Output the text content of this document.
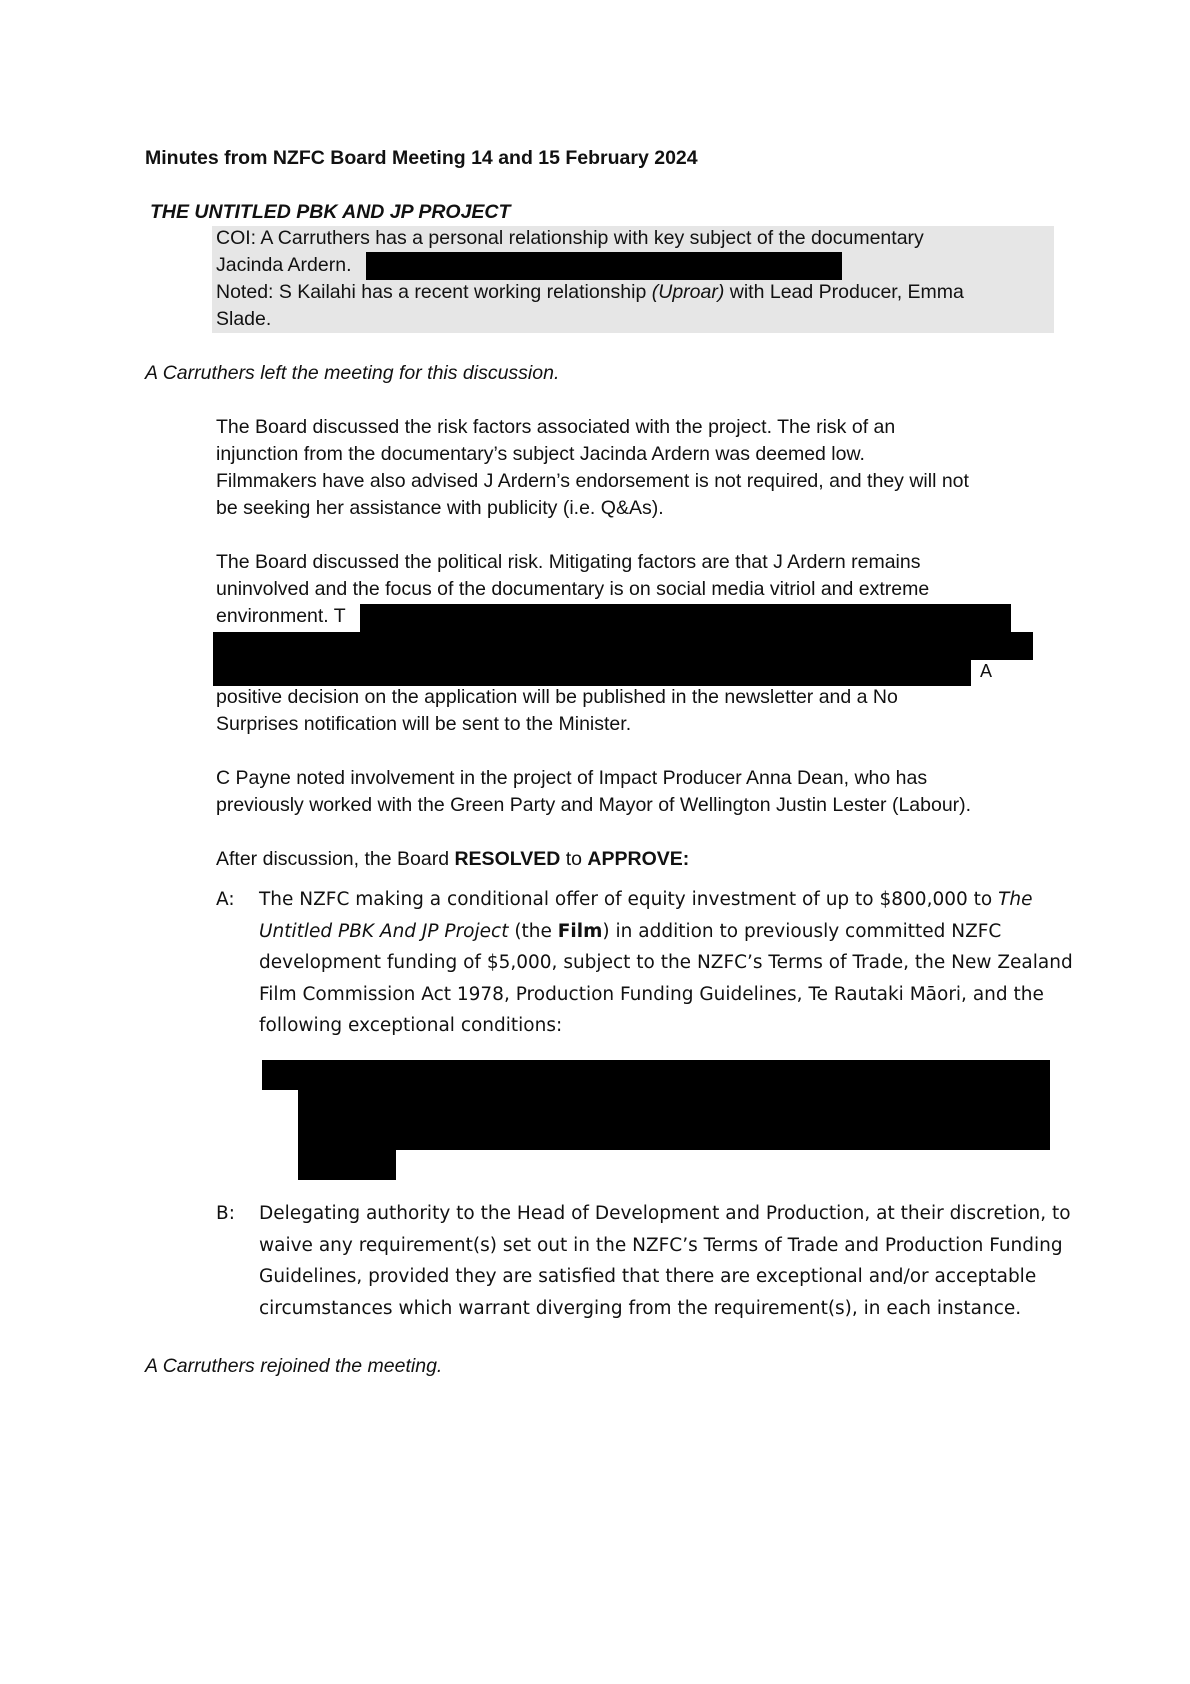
Minutes from NZFC Board Meeting 14 and 15 February 2024
THE UNTITLED PBK AND JP PROJECT
COI: A Carruthers has a personal relationship with key subject of the documentary
Jacinda Ardern.
Noted: S Kailahi has a recent working relationship (Uproar) with Lead Producer, Emma
Slade.
A Carruthers left the meeting for this discussion.
The Board discussed the risk factors associated with the project. The risk of an
injunction from the documentary’s subject Jacinda Ardern was deemed low.
Filmmakers have also advised J Ardern’s endorsement is not required, and they will not
be seeking her assistance with publicity (i.e. Q&As).
The Board discussed the political risk. Mitigating factors are that J Ardern remains
uninvolved and the focus of the documentary is on social media vitriol and extreme
environment. T
A
positive decision on the application will be published in the newsletter and a No
Surprises notification will be sent to the Minister.
C Payne noted involvement in the project of Impact Producer Anna Dean, who has
previously worked with the Green Party and Mayor of Wellington Justin Lester (Labour).
After discussion, the Board RESOLVED to APPROVE:
A: The NZFC making a conditional offer of equity investment of up to $800,000 to The
Untitled PBK And JP Project (the Film) in addition to previously committed NZFC
development funding of $5,000, subject to the NZFC’s Terms of Trade, the New Zealand
Film Commission Act 1978, Production Funding Guidelines, Te Rautaki Māori, and the
following exceptional conditions:
B: Delegating authority to the Head of Development and Production, at their discretion, to
waive any requirement(s) set out in the NZFC’s Terms of Trade and Production Funding
Guidelines, provided they are satisfied that there are exceptional and/or acceptable
circumstances which warrant diverging from the requirement(s), in each instance.
A Carruthers rejoined the meeting.
